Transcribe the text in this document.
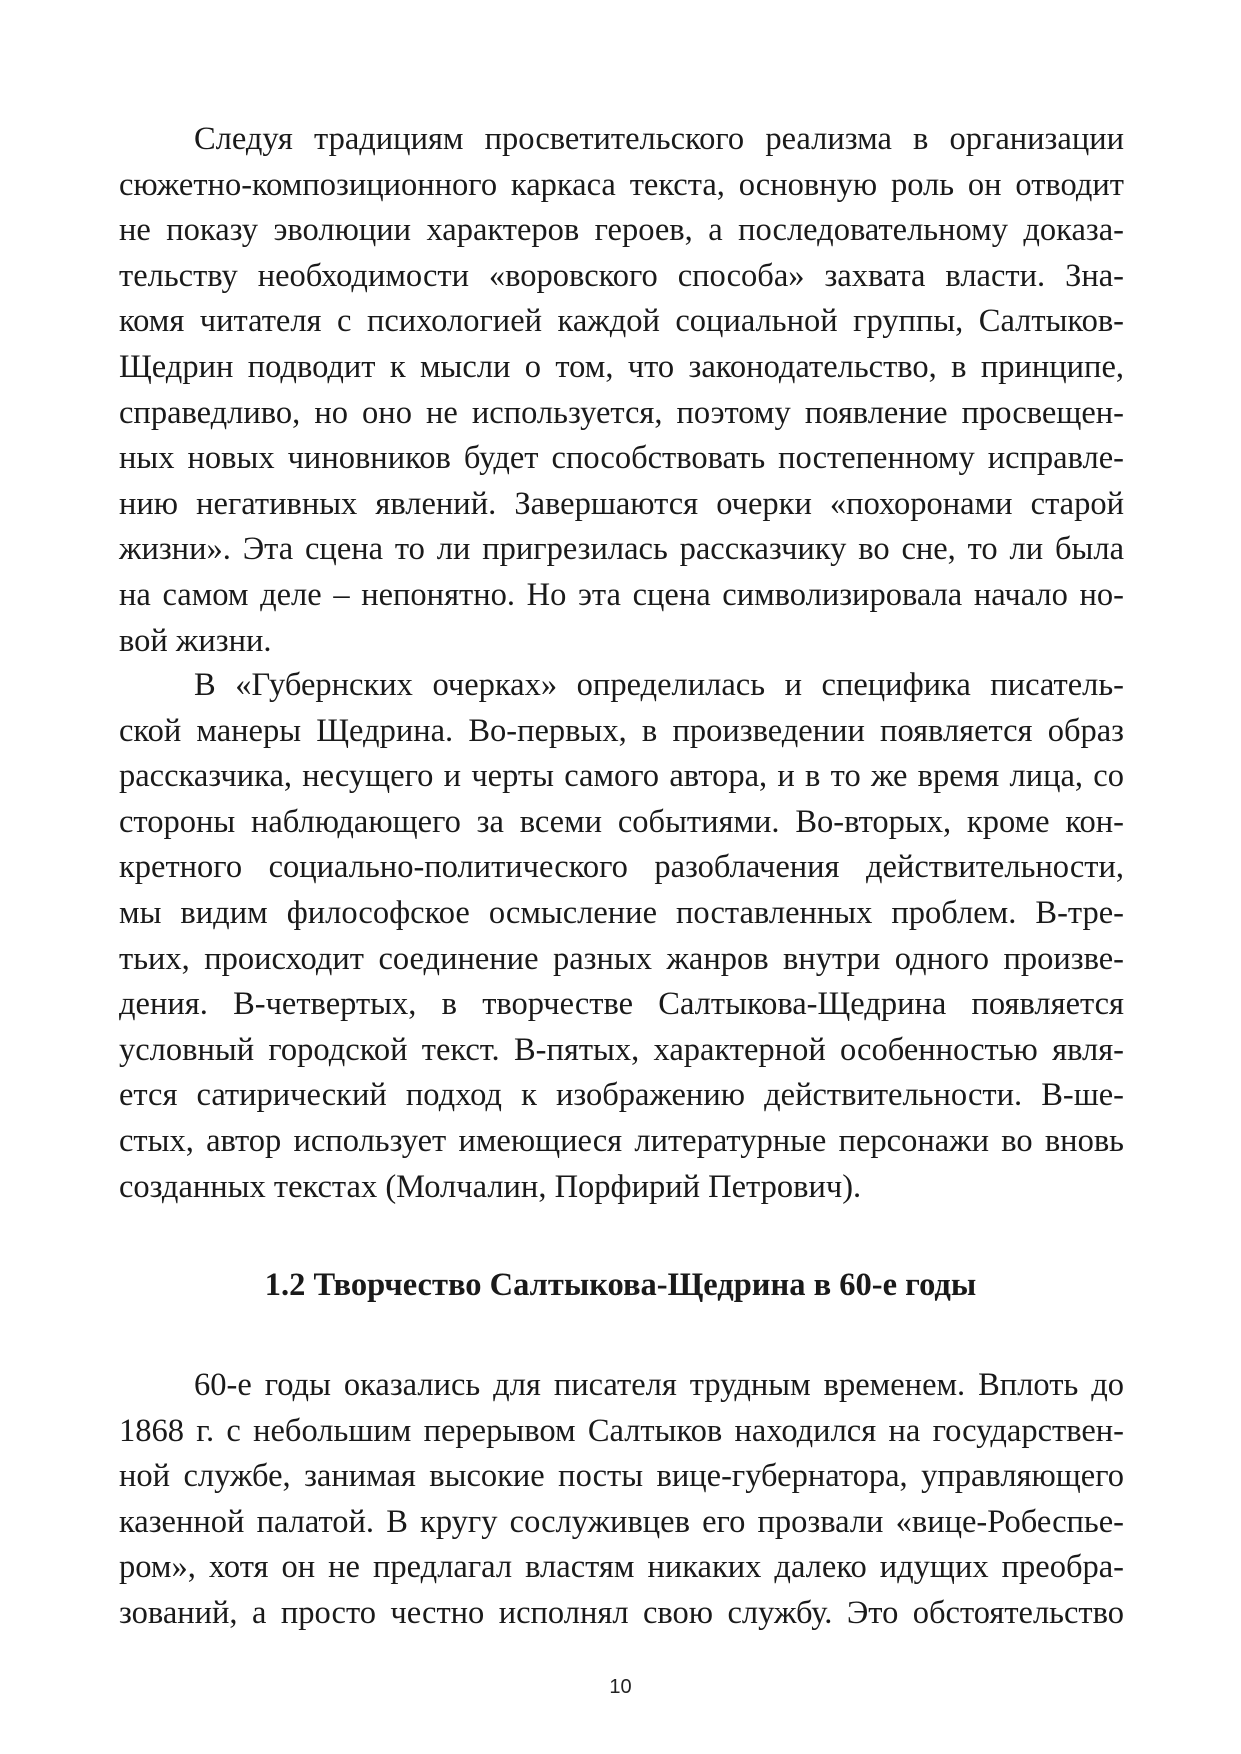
Следуя традициям просветительского реализма в организации
сюжетно-композиционного каркаса текста, основную роль он отводит
не показу эволюции характеров героев, а последовательному доказа-
тельству необходимости «воровского способа» захвата власти. Зна-
комя читателя с психологией каждой социальной группы, Салтыков-
Щедрин подводит к мысли о том, что законодательство, в принципе,
справедливо, но оно не используется, поэтому появление просвещен-
ных новых чиновников будет способствовать постепенному исправле-
нию негативных явлений. Завершаются очерки «похоронами старой
жизни». Эта сцена то ли пригрезилась рассказчику во сне, то ли была
на самом деле – непонятно. Но эта сцена символизировала начало но-
вой жизни.
В «Губернских очерках» определилась и специфика писатель-
ской манеры Щедрина. Во-первых, в произведении появляется образ
рассказчика, несущего и черты самого автора, и в то же время лица, со
стороны наблюдающего за всеми событиями. Во-вторых, кроме кон-
кретного социально-политического разоблачения действительности,
мы видим философское осмысление поставленных проблем. В-тре-
тьих, происходит соединение разных жанров внутри одного произве-
дения. В-четвертых, в творчестве Салтыкова-Щедрина появляется
условный городской текст. В-пятых, характерной особенностью явля-
ется сатирический подход к изображению действительности. В-ше-
стых, автор использует имеющиеся литературные персонажи во вновь
созданных текстах (Молчалин, Порфирий Петрович).
1.2 Творчество Салтыкова-Щедрина в 60-е годы
60-е годы оказались для писателя трудным временем. Вплоть до
1868 г. с небольшим перерывом Салтыков находился на государствен-
ной службе, занимая высокие посты вице-губернатора, управляющего
казенной палатой. В кругу сослуживцев его прозвали «вице-Робеспье-
ром», хотя он не предлагал властям никаких далеко идущих преобра-
зований, а просто честно исполнял свою службу. Это обстоятельство
10
